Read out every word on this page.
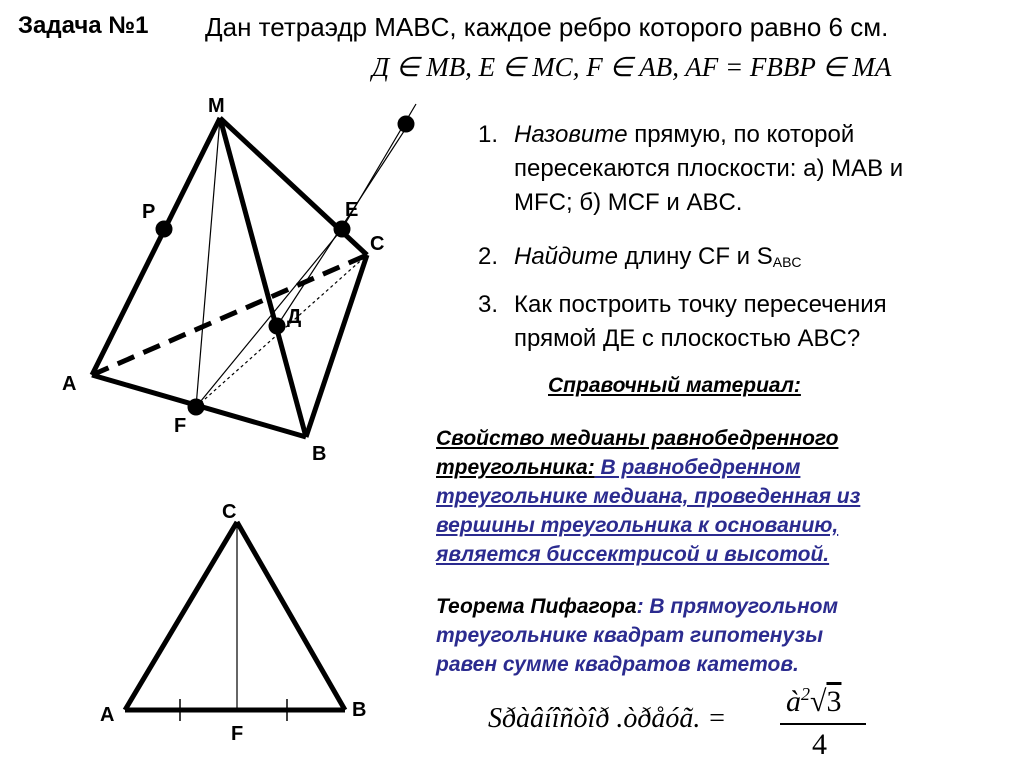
Задача №1 Дан тетраэдр MABC, каждое ребро которого равно 6 см.
Д ∈ MB, E ∈ MC, F ∈ AB, AF = FBBP ∈ MA
1. Назовите прямую, по которой
пересекаются плоскости: а) MAB и
MFC; б) MCF и ABC.
2. Найдите длину CF и $S_{ABC}$
3. Как построить точку пересечения
прямой ДЕ с плоскостью ABC?
Справочный материал:
Свойство медианы равнобедренного
треугольника: В равнобедренном
треугольнике медиана, проведенная из
вершины треугольника к основанию,
является биссектрисой и высотой.
Теорема Пифагора: В прямоугольном
треугольнике квадрат гипотенузы
равен сумме квадратов катетов.
Sðàâíîñòîð .òðåóã. =
$à^2√3$
4
M
P	E
C
Д
A
F
B
C
A	B
F
